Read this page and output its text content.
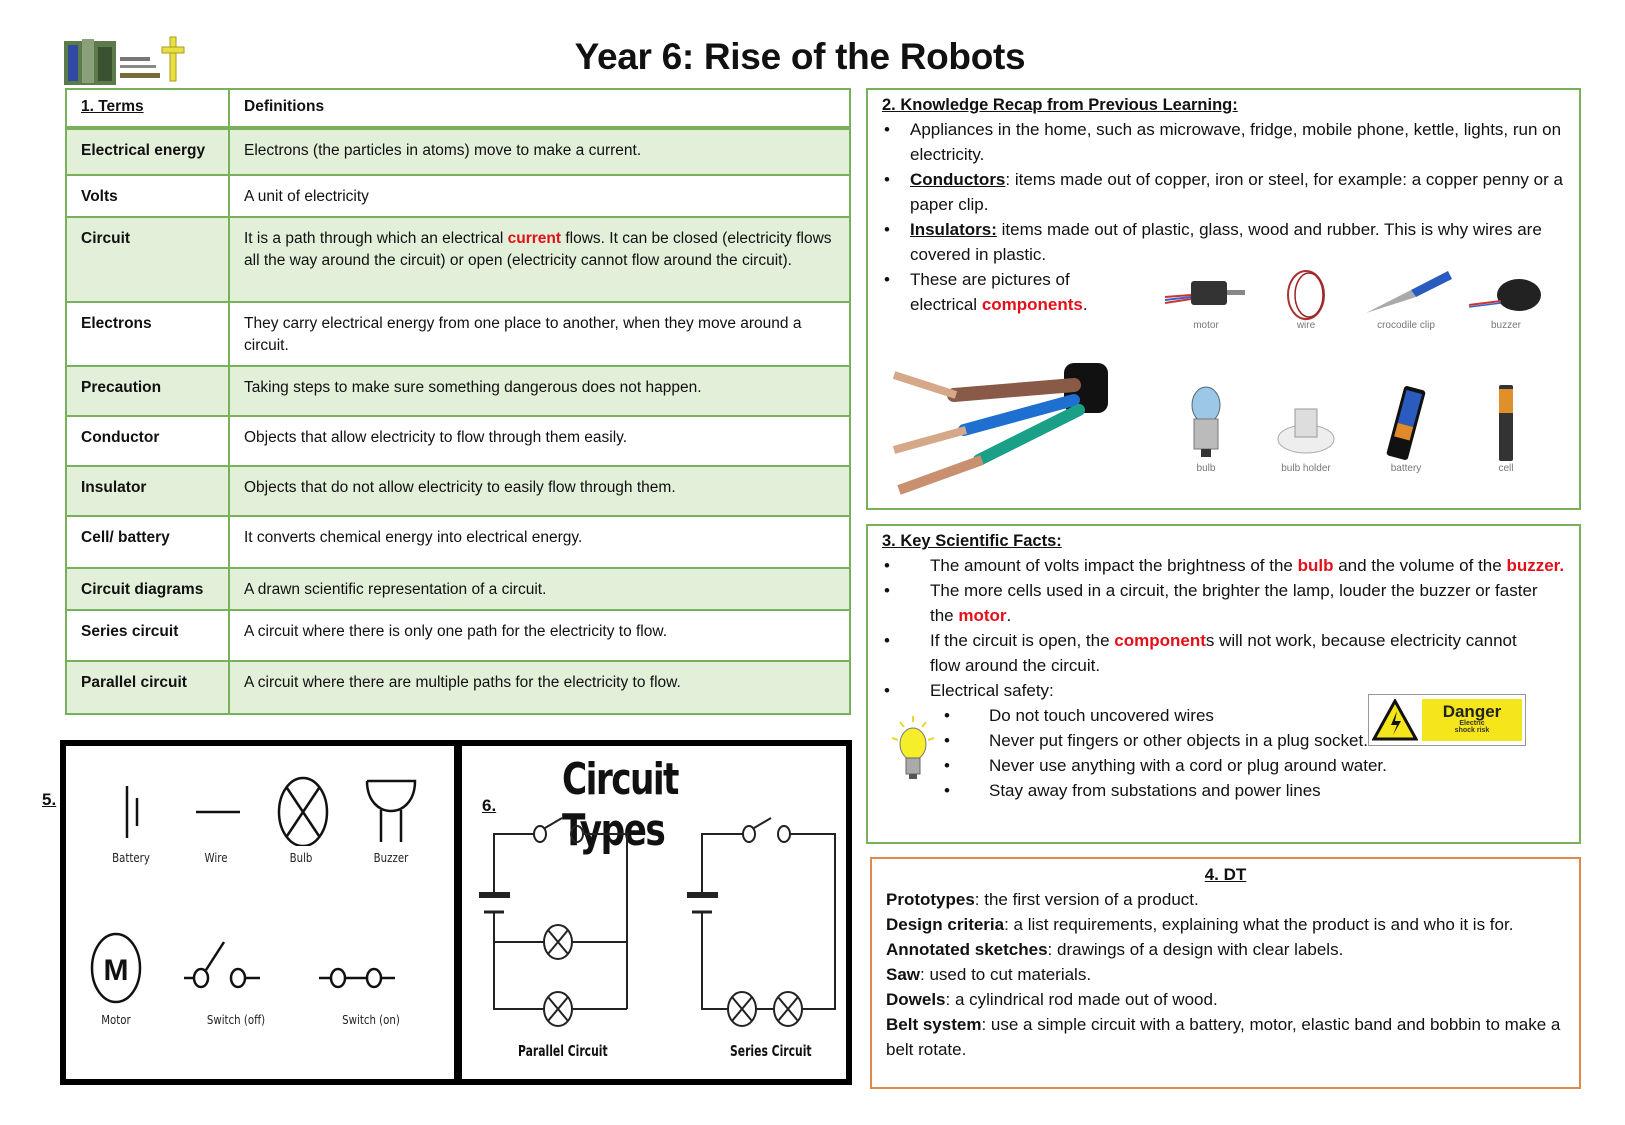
Year 6: Rise of the Robots
1. Terms	Definitions
Electrical energy	Electrons (the particles in atoms) move to make a current.
Volts	A unit of electricity
Circuit	It is a path through which an electrical current flows. It can be closed (electricity flows all the way around the circuit) or open (electricity cannot flow around the circuit).
Electrons	They carry electrical energy from one place to another, when they move around a circuit.
Precaution	Taking steps to make sure something dangerous does not happen.
Conductor	Objects that allow electricity to flow through them easily.
Insulator	Objects that do not allow electricity to easily flow through them.
Cell/ battery	It converts chemical energy into electrical energy.
Circuit diagrams	A drawn scientific representation of a circuit.
Series circuit	A circuit where there is only one path for the electricity to flow.
Parallel circuit	A circuit where there are multiple paths for the electricity to flow.
2. Knowledge Recap from Previous Learning:
• Appliances in the home, such as microwave, fridge, mobile phone, kettle, lights, run on electricity.
• Conductors: items made out of copper, iron or steel, for example: a copper penny or a paper clip.
• Insulators: items made out of plastic, glass, wood and rubber. This is why wires are covered in plastic.
• These are pictures of electrical components.
motor	wire	crocodile clip	buzzer
bulb	bulb holder	battery	cell
3. Key Scientific Facts:
• The amount of volts impact the brightness of the bulb and the volume of the buzzer.
• The more cells used in a circuit, the brighter the lamp, louder the buzzer or faster the motor.
• If the circuit is open, the components will not work, because electricity cannot flow around the circuit.
• Electrical safety:
• Do not touch uncovered wires
• Never put fingers or other objects in a plug socket.
• Never use anything with a cord or plug around water.
• Stay away from substations and power lines
Danger
Electric
shock risk
4. DT
Prototypes: the first version of a product.
Design criteria: a list requirements, explaining what the product is and who it is for.
Annotated sketches: drawings of a design with clear labels.
Saw: used to cut materials.
Dowels: a cylindrical rod made out of wood.
Belt system: use a simple circuit with a battery, motor, elastic band and bobbin to make a belt rotate.
5.
Battery	Wire	Bulb	Buzzer
M
Motor	Switch (off)	Switch (on)
6.
Circuit Types
Parallel Circuit	Series Circuit
